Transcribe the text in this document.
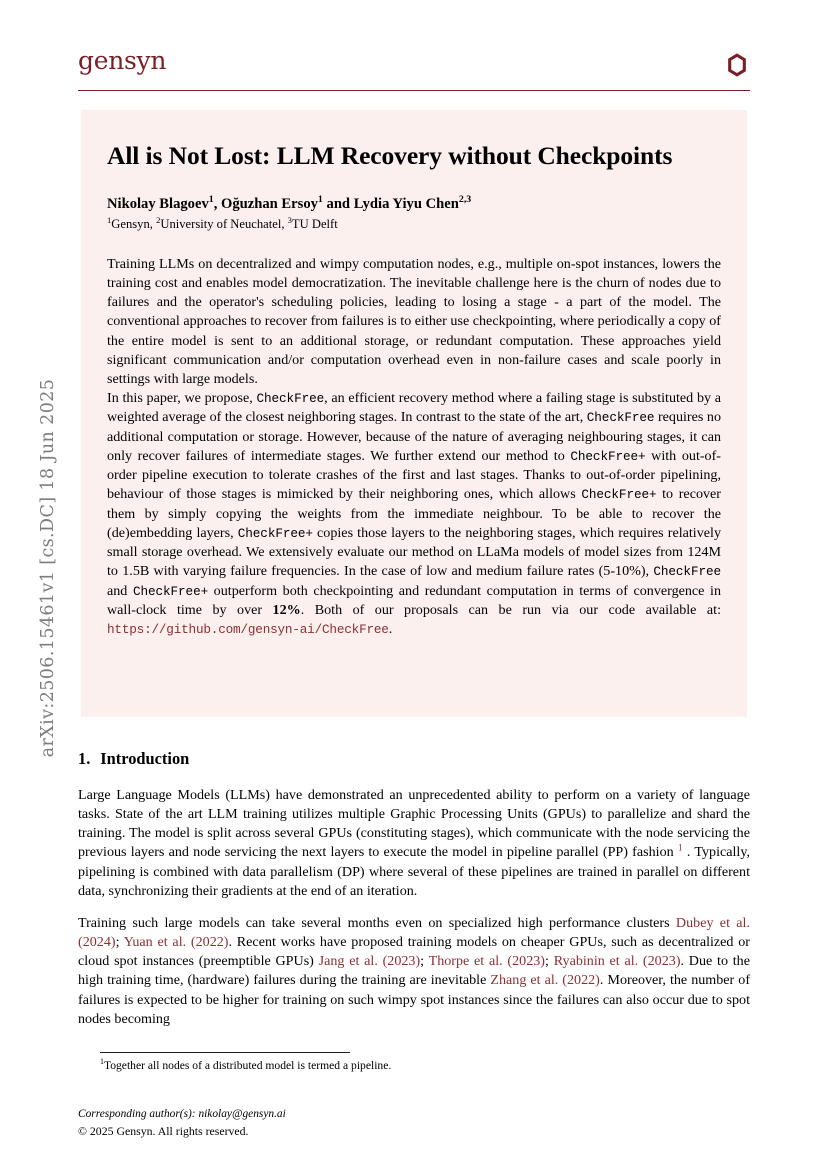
arXiv:2506.15461v1 [cs.DC] 18 Jun 2025
gensyn
All is Not Lost: LLM Recovery without Checkpoints
Nikolay Blagoev$^1$, Oğuzhan Ersoy$^1$ and Lydia Yiyu Chen$^{2,3}$
$^1$Gensyn, $^2$University of Neuchatel, $^3$TU Delft

Training LLMs on decentralized and wimpy computation nodes, e.g., multiple on-spot instances, lowers the training cost and enables model democratization. The inevitable challenge here is the churn of nodes due to failures and the operator's scheduling policies, leading to losing a stage - a part of the model. The conventional approaches to recover from failures is to either use checkpointing, where periodically a copy of the entire model is sent to an additional storage, or redundant computation. These approaches yield significant communication and/or computation overhead even in non-failure cases and scale poorly in settings with large models.

In this paper, we propose, CheckFree, an efficient recovery method where a failing stage is substituted by a weighted average of the closest neighboring stages. In contrast to the state of the art, CheckFree requires no additional computation or storage. However, because of the nature of averaging neighbouring stages, it can only recover failures of intermediate stages. We further extend our method to CheckFree+ with out-of-order pipeline execution to tolerate crashes of the first and last stages. Thanks to out-of-order pipelining, behaviour of those stages is mimicked by their neighboring ones, which allows CheckFree+ to recover them by simply copying the weights from the immediate neighbour. To be able to recover the (de)embedding layers, CheckFree+ copies those layers to the neighboring stages, which requires relatively small storage overhead. We extensively evaluate our method on LLaMa models of model sizes from 124M to 1.5B with varying failure frequencies. In the case of low and medium failure rates (5-10%), CheckFree and CheckFree+ outperform both checkpointing and redundant computation in terms of convergence in wall-clock time by over 12%. Both of our proposals can be run via our code available at: https://github.com/gensyn-ai/CheckFree.

1. Introduction

Large Language Models (LLMs) have demonstrated an unprecedented ability to perform on a variety of language tasks. State of the art LLM training utilizes multiple Graphic Processing Units (GPUs) to parallelize and shard the training. The model is split across several GPUs (constituting stages), which communicate with the node servicing the previous layers and node servicing the next layers to execute the model in pipeline parallel (PP) fashion $^1$ . Typically, pipelining is combined with data parallelism (DP) where several of these pipelines are trained in parallel on different data, synchronizing their gradients at the end of an iteration.

Training such large models can take several months even on specialized high performance clusters Dubey et al. (2024); Yuan et al. (2022). Recent works have proposed training models on cheaper GPUs, such as decentralized or cloud spot instances (preemptible GPUs) Jang et al. (2023); Thorpe et al. (2023); Ryabinin et al. (2023). Due to the high training time, (hardware) failures during the training are inevitable Zhang et al. (2022). Moreover, the number of failures is expected to be higher for training on such wimpy spot instances since the failures can also occur due to spot nodes becoming

$^1$Together all nodes of a distributed model is termed a pipeline.
Corresponding author(s): nikolay@gensyn.ai
© 2025 Gensyn. All rights reserved.
